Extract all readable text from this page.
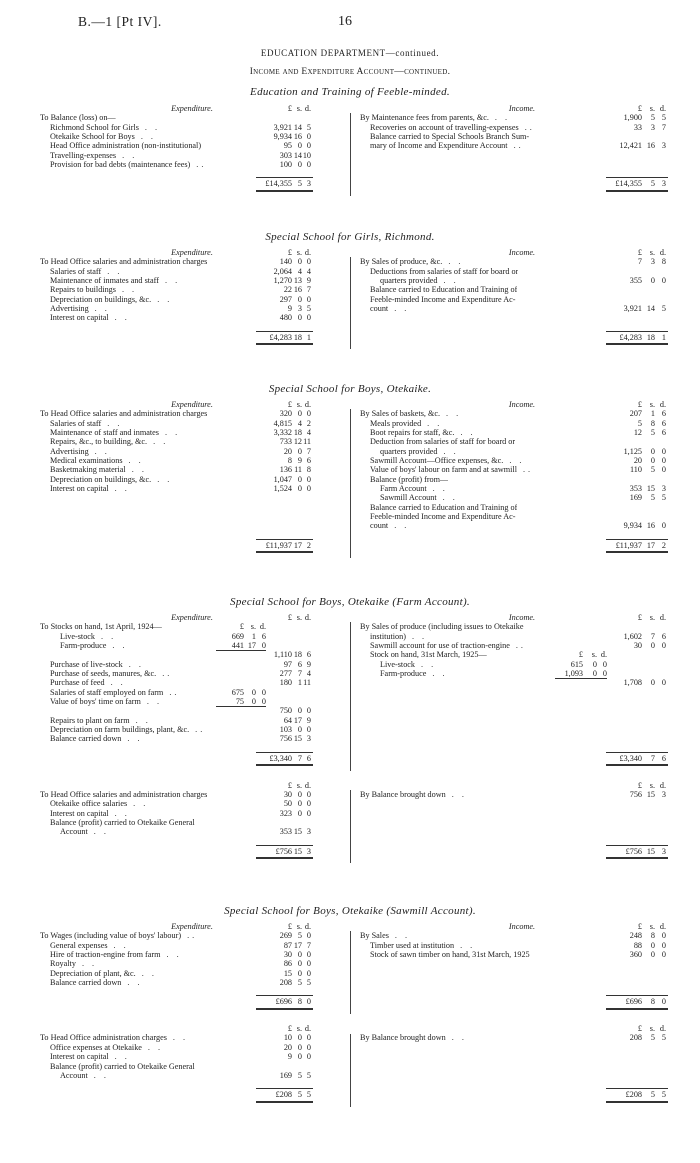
B.—1 [Pt IV].	16
EDUCATION DEPARTMENT—continued.
Income and Expenditure Account—continued.
Education and Training of Feeble-minded.
Expenditure.	£ s. d.
To Balance (loss) on—
Richmond School for Girls . .	3,921 14 5
Otekaike School for Boys . .	9,934 16 0
Head Office administration (non-institutional)	95 0 0
Travelling-expenses . .	303 14 10
Provision for bad debts (maintenance fees) ..	100 0 0
£14,355 5 3
Income.	£ s. d.
By Maintenance fees from parents, &c. . .	1,900	5 5
Recoveries on account of travelling-expenses ..	33	3 7
Balance carried to Special Schools Branch Sum-
mary of Income and Expenditure Account ..	12,421 16 3
£14,355	5 3
Special School for Girls, Richmond.
Expenditure.	£ s. d.
To Head Office salaries and administration charges	140 0 0
Salaries of staff . .	2,064 4 4
Maintenance of inmates and staff . .	1,270 13 9
Repairs to buildings . .	22 16 7
Depreciation on buildings, &c. . .	297 0 0
Advertising . .	9 3 5
Interest on capital . .	480 0 0
£4,283 18 1
Income.	£ s. d.
By Sales of produce, &c. . .	7	3 8
Deductions from salaries of staff for board or
quarters provided . .	355	0 0
Balance carried to Education and Training of
Feeble-minded Income and Expenditure Ac-
count . .	3,921 14 5
£4,283 18 1
Special School for Boys, Otekaike.
Expenditure.	£ s. d.
To Head Office salaries and administration charges	320 0 0
Salaries of staff . .	4,815 4 2
Maintenance of staff and inmates . .	3,332 18 4
Repairs, &c., to building, &c. . .	733 12 11
Advertising . .	20 0 7
Medical examinations . .	8 9 6
Basketmaking material . .	136 11 8
Depreciation on buildings, &c. . .	1,047 0 0
Interest on capital . .	1,524 0 0
£11,937 17 2
Income.	£ s. d.
By Sales of baskets, &c. . .	207	1 6
Meals provided . .	5	8 6
Boot repairs for staff, &c. . .	12	5 6
Deduction from salaries of staff for board or
quarters provided . .	1,125	0 0
Sawmill Account—Office expenses, &c. . .	20	0 0
Value of boys' labour on farm and at sawmill ..	110	5 0
Balance (profit) from—
Farm Account . .	353 15 3
Sawmill Account . .	169	5 5
Balance carried to Education and Training of
Feeble-minded Income and Expenditure Ac-
count . .	9,934 16 0
£11,937 17 2
Special School for Boys, Otekaike (Farm Account).
Expenditure.	£ s. d.
To Stocks on hand, 1st April, 1924—	£ s. d.
Live-stock . .	669 1 6
Farm-produce . .	441 17 0
1,110 18 6
Purchase of live-stock . .	97 6 9
Purchase of seeds, manures, &c. ..	277 7 4
Purchase of feed . .	180 1 11
Salaries of staff employed on farm ..	675 0 0
Value of boys' time on farm . .	75 0 0
750 0 0
Repairs to plant on farm . .	64 17 9
Depreciation on farm buildings, plant, &c. ..	103 0 0
Balance carried down . .	756 15 3
£3,340 7 6
Income.	£ s. d.
By Sales of produce (including issues to Otekaike
institution) . .	1,602	7 6
Sawmill account for use of traction-engine ..	30	0 0
Stock on hand, 31st March, 1925—	£	s. d.
Live-stock . .	615	0 0
Farm-produce . .	1,093	0 0
1,708	0 0
£3,340	7 6
£ s. d.
To Head Office salaries and administration charges	30 0 0
Otekaike office salaries . .	50 0 0
Interest on capital . .	323 0 0
Balance (profit) carried to Otekaike General
Account . .	353 15 3
£756 15 3
£ s. d.
By Balance brought down . .	756 15 3
£756 15 3
Special School for Boys, Otekaike (Sawmill Account).
Expenditure.	£ s. d.
To Wages (including value of boys' labour) ..	269 5 0
General expenses . .	87 17 7
Hire of traction-engine from farm . .	30 0 0
Royalty . .	86 0 0
Depreciation of plant, &c. . .	15 0 0
Balance carried down . .	208 5 5
£696 8 0
Income.	£ s. d.
By Sales . .	248	8 0
Timber used at institution . .	88	0 0
Stock of sawn timber on hand, 31st March, 1925	360	0 0
£696	8 0
£ s. d.
To Head Office administration charges . .	10 0 0
Office expenses at Otekaike . .	20 0 0
Interest on capital . .	9 0 0
Balance (profit) carried to Otekaike General
Account . .	169 5 5
£208 5 5
£ s. d.
By Balance brought down . .	208	5 5
£208	5 5
